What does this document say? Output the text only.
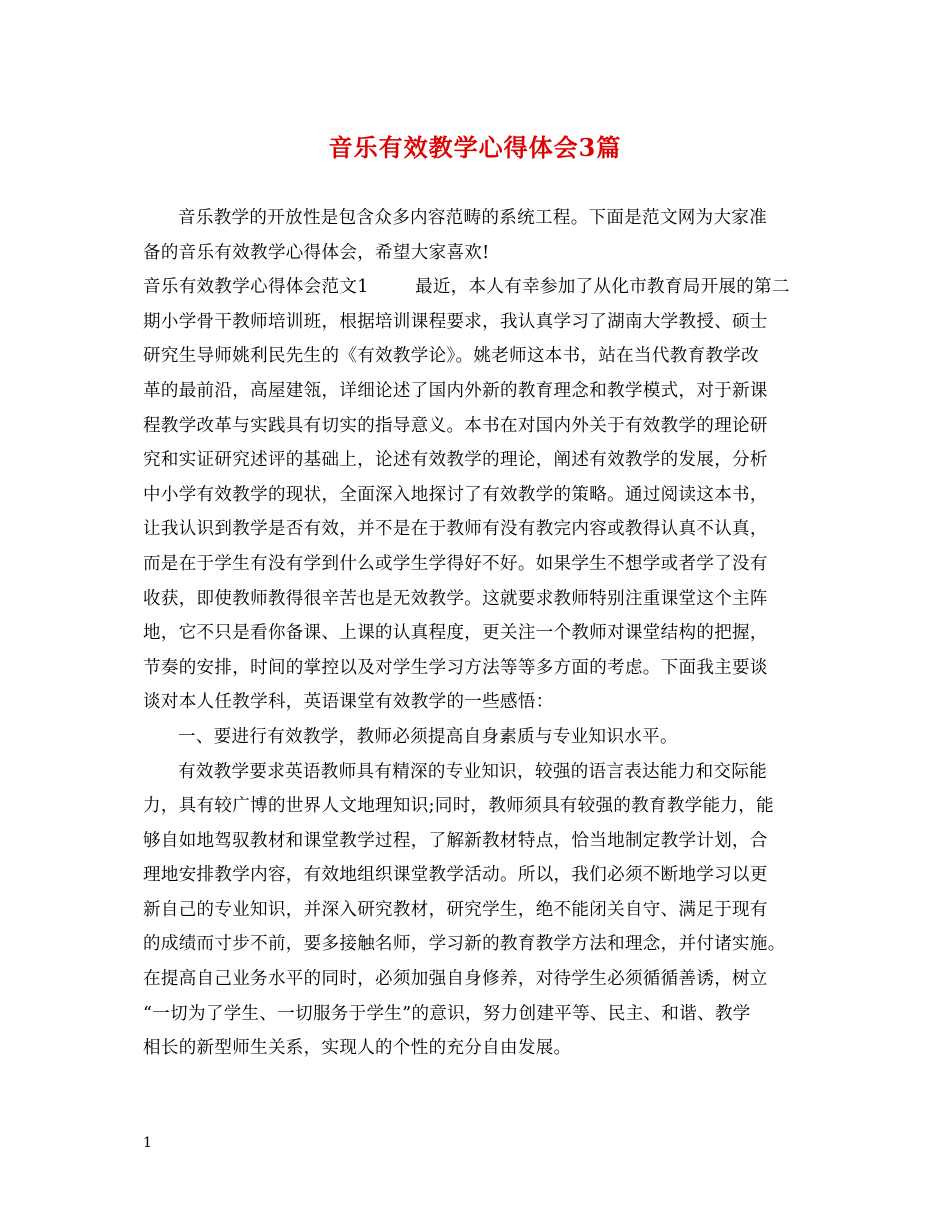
音乐有效教学心得体会3篇
音乐教学的开放性是包含众多内容范畴的系统工程。下面是范文网为大家准
备的音乐有效教学心得体会，希望大家喜欢!
音乐有效教学心得体会范文1	最近，本人有幸参加了从化市教育局开展的第二
期小学骨干教师培训班，根据培训课程要求，我认真学习了湖南大学教授、硕士
研究生导师姚利民先生的《有效教学论》。姚老师这本书，站在当代教育教学改
革的最前沿，高屋建瓴，详细论述了国内外新的教育理念和教学模式，对于新课
程教学改革与实践具有切实的指导意义。本书在对国内外关于有效教学的理论研
究和实证研究述评的基础上，论述有效教学的理论，阐述有效教学的发展，分析
中小学有效教学的现状，全面深入地探讨了有效教学的策略。通过阅读这本书，
让我认识到教学是否有效，并不是在于教师有没有教完内容或教得认真不认真，
而是在于学生有没有学到什么或学生学得好不好。如果学生不想学或者学了没有
收获，即使教师教得很辛苦也是无效教学。这就要求教师特别注重课堂这个主阵
地，它不只是看你备课、上课的认真程度，更关注一个教师对课堂结构的把握，
节奏的安排，时间的掌控以及对学生学习方法等等多方面的考虑。下面我主要谈
谈对本人任教学科，英语课堂有效教学的一些感悟：
一、要进行有效教学，教师必须提高自身素质与专业知识水平。
有效教学要求英语教师具有精深的专业知识，较强的语言表达能力和交际能
力，具有较广博的世界人文地理知识;同时，教师须具有较强的教育教学能力，能
够自如地驾驭教材和课堂教学过程，了解新教材特点，恰当地制定教学计划，合
理地安排教学内容，有效地组织课堂教学活动。所以，我们必须不断地学习以更
新自己的专业知识，并深入研究教材，研究学生，绝不能闭关自守、满足于现有
的成绩而寸步不前，要多接触名师，学习新的教育教学方法和理念，并付诸实施。
在提高自己业务水平的同时，必须加强自身修养，对待学生必须循循善诱，树立
“一切为了学生、一切服务于学生”的意识，努力创建平等、民主、和谐、教学
相长的新型师生关系，实现人的个性的充分自由发展。
1
